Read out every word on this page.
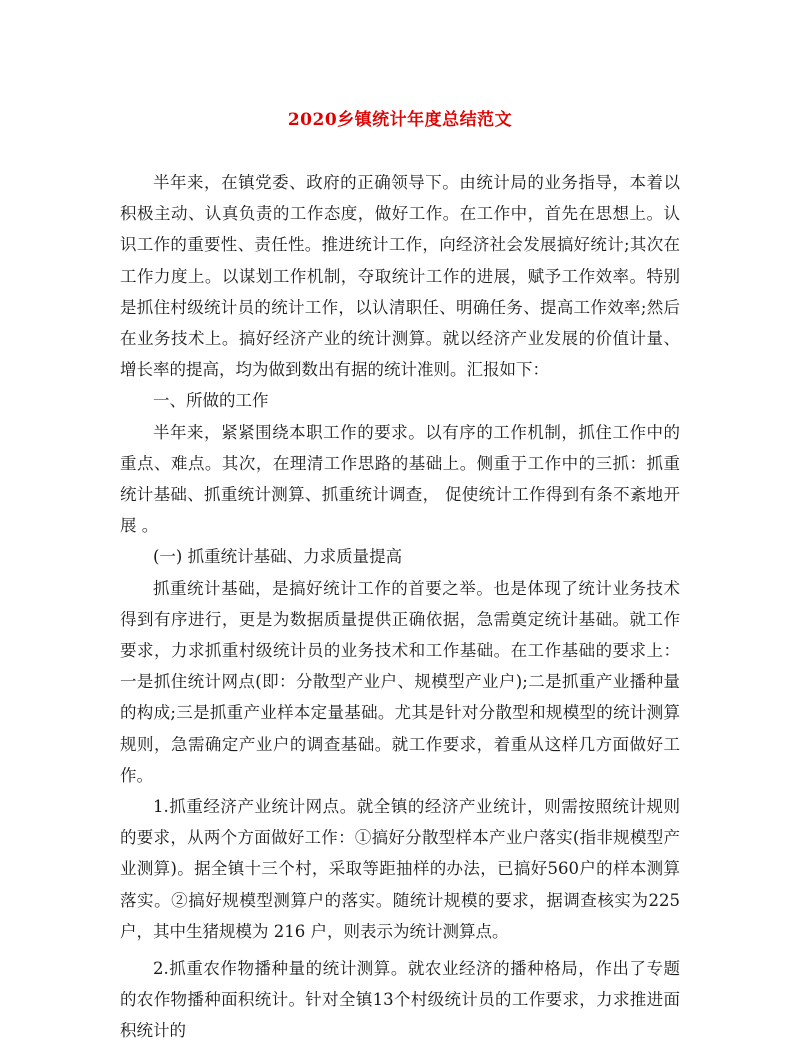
2020乡镇统计年度总结范文

半年来，在镇党委、政府的正确领导下。由统计局的业务指导，本着以积极主动、认真负责的工作态度，做好工作。在工作中，首先在思想上。认识工作的重要性、责任性。推进统计工作，向经济社会发展搞好统计;其次在工作力度上。以谋划工作机制，夺取统计工作的进展，赋予工作效率。特别是抓住村级统计员的统计工作，以认清职任、明确任务、提高工作效率;然后在业务技术上。搞好经济产业的统计测算。就以经济产业发展的价值计量、增长率的提高，均为做到数出有据的统计准则。汇报如下：

一、所做的工作

半年来，紧紧围绕本职工作的要求。以有序的工作机制，抓住工作中的重点、难点。其次，在理清工作思路的基础上。侧重于工作中的三抓：抓重统计基础、抓重统计测算、抓重统计调查， 促使统计工作得到有条不紊地开展 。

(一) 抓重统计基础、力求质量提高

抓重统计基础，是搞好统计工作的首要之举。也是体现了统计业务技术得到有序进行，更是为数据质量提供正确依据，急需奠定统计基础。就工作要求，力求抓重村级统计员的业务技术和工作基础。在工作基础的要求上：一是抓住统计网点(即：分散型产业户、规模型产业户);二是抓重产业播种量的构成;三是抓重产业样本定量基础。尤其是针对分散型和规模型的统计测算规则，急需确定产业户的调查基础。就工作要求，着重从这样几方面做好工作。

1.抓重经济产业统计网点。就全镇的经济产业统计，则需按照统计规则的要求，从两个方面做好工作：①搞好分散型样本产业户落实(指非规模型产业测算)。据全镇十三个村，采取等距抽样的办法，已搞好560户的样本测算落实。②搞好规模型测算户的落实。随统计规模的要求，据调查核实为225户，其中生猪规模为 216 户，则表示为统计测算点。

2.抓重农作物播种量的统计测算。就农业经济的播种格局，作出了专题的农作物播种面积统计。针对全镇13个村级统计员的工作要求，力求推进面积统计的
